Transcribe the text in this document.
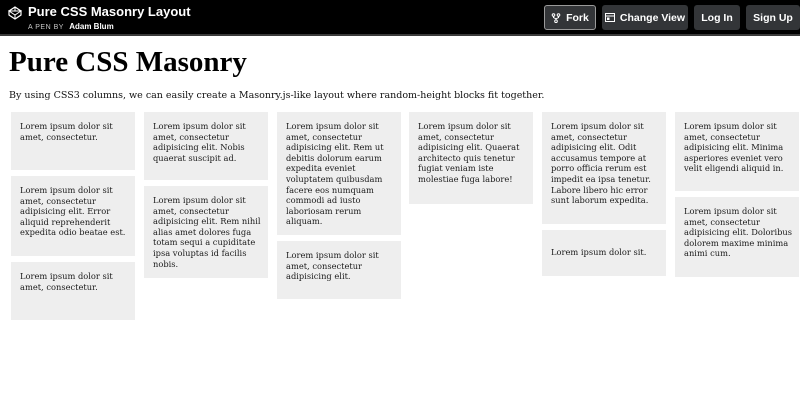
Pure CSS Masonry Layout
A PEN BY Adam Blum
Fork	Change View	Log In	Sign Up
Pure CSS Masonry

By using CSS3 columns, we can easily create a Masonry.js-like layout where random-height blocks fit together.

Lorem ipsum dolor sit amet, consectetur.
Lorem ipsum dolor sit amet, consectetur adipisicing elit. Error aliquid reprehenderit expedita odio beatae est.
Lorem ipsum dolor sit amet, consectetur.
Lorem ipsum dolor sit amet, consectetur adipisicing elit. Nobis quaerat suscipit ad.
Lorem ipsum dolor sit amet, consectetur adipisicing elit. Rem nihil alias amet dolores fuga totam sequi a cupiditate ipsa voluptas id facilis nobis.
Lorem ipsum dolor sit amet, consectetur adipisicing elit. Rem ut debitis dolorum earum expedita eveniet voluptatem quibusdam facere eos numquam commodi ad iusto laboriosam rerum aliquam.
Lorem ipsum dolor sit amet, consectetur adipisicing elit.
Lorem ipsum dolor sit amet, consectetur adipisicing elit. Quaerat architecto quis tenetur fugiat veniam iste molestiae fuga labore!
Lorem ipsum dolor sit amet, consectetur adipisicing elit. Odit accusamus tempore at porro officia rerum est impedit ea ipsa tenetur. Labore libero hic error sunt laborum expedita.
Lorem ipsum dolor sit.
Lorem ipsum dolor sit amet, consectetur adipisicing elit. Minima asperiores eveniet vero velit eligendi aliquid in.
Lorem ipsum dolor sit amet, consectetur adipisicing elit. Doloribus dolorem maxime minima animi cum.
